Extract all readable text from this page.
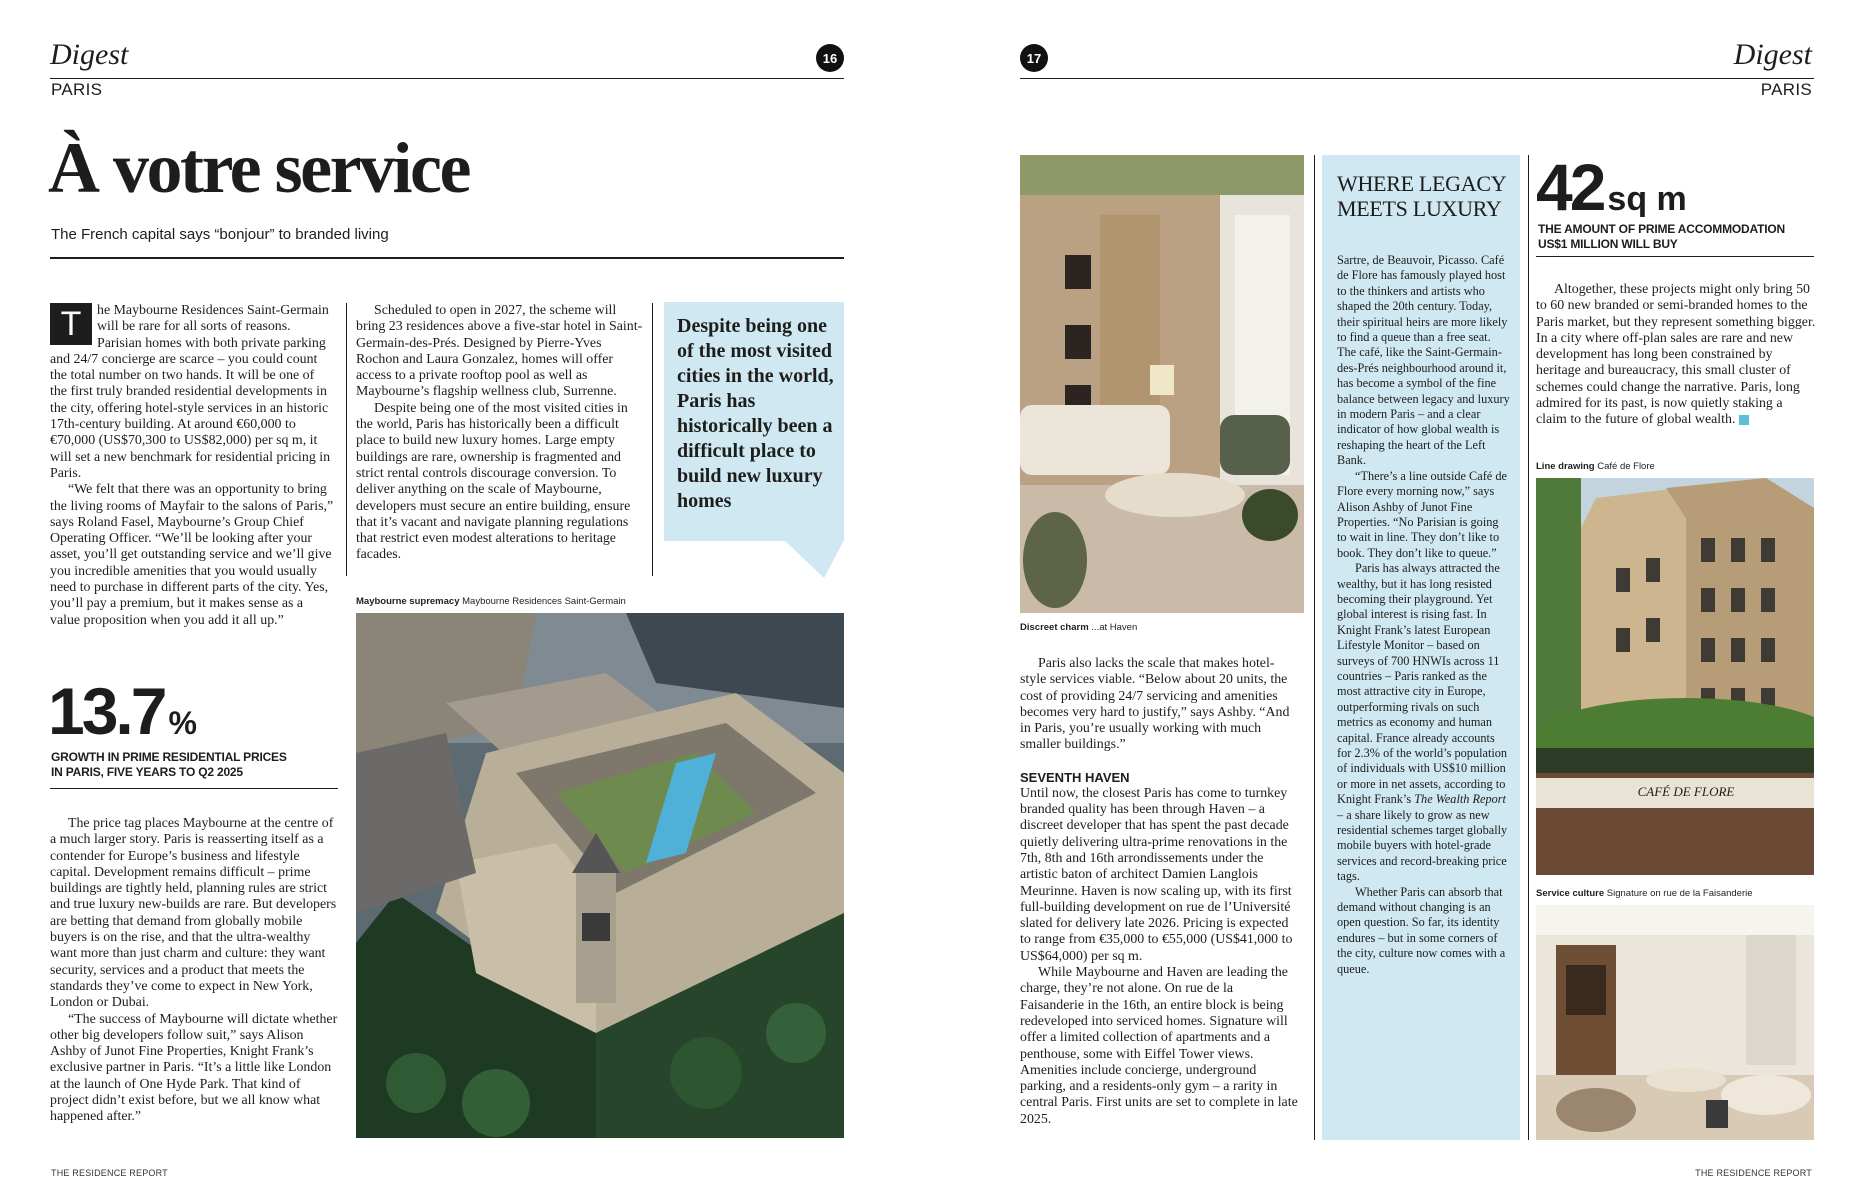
Digest
PARIS
16
À votre service
The French capital says “bonjour” to branded living
T	he Maybourne Residences Saint-Germain will be rare for all sorts of reasons. Parisian homes with both private parking and 24/7 concierge are scarce – you could count the total number on two hands. It will be one of the first truly branded residential developments in the city, offering hotel-style services in an historic 17th-century building. At around €60,000 to €70,000 (US$70,300 to US$82,000) per sq m, it will set a new benchmark for residential pricing in Paris.

“We felt that there was an opportunity to bring the living rooms of Mayfair to the salons of Paris,” says Roland Fasel, Maybourne’s Group Chief Operating Officer. “We’ll be looking after your asset, you’ll get outstanding service and we’ll give you incredible amenities that you would usually need to purchase in different parts of the city. Yes, you’ll pay a premium, but it makes sense as a value proposition when you add it all up.”

13.7 %
GROWTH IN PRIME RESIDENTIAL PRICES
IN PARIS, FIVE YEARS TO Q2 2025

The price tag places Maybourne at the centre of a much larger story. Paris is reasserting itself as a contender for Europe’s business and lifestyle capital. Development remains difficult – prime buildings are tightly held, planning rules are strict and true luxury new-builds are rare. But developers are betting that demand from globally mobile buyers is on the rise, and that the ultra-wealthy want more than just charm and culture: they want security, services and a product that meets the standards they’ve come to expect in New York, London or Dubai.

“The success of Maybourne will dictate whether other big developers follow suit,” says Alison Ashby of Junot Fine Properties, Knight Frank’s exclusive partner in Paris. “It’s a little like London at the launch of One Hyde Park. That kind of project didn’t exist before, but we all know what happened after.”

Scheduled to open in 2027, the scheme will bring 23 residences above a five-star hotel in Saint-Germain-des-Prés. Designed by Pierre-Yves Rochon and Laura Gonzalez, homes will offer access to a private rooftop pool as well as Maybourne’s flagship wellness club, Surrenne.

Despite being one of the most visited cities in the world, Paris has historically been a difficult place to build new luxury homes. Large empty buildings are rare, ownership is fragmented and strict rental controls discourage conversion. To deliver anything on the scale of Maybourne, developers must secure an entire building, ensure that it’s vacant and navigate planning regulations that restrict even modest alterations to heritage facades.

Despite being one of the most visited cities in the world, Paris has historically been a difficult place to build new luxury homes
Maybourne supremacy Maybourne Residences Saint-Germain
THE RESIDENCE REPORT
17	Digest
PARIS
Discreet charm ...at Haven

Paris also lacks the scale that makes hotel-style services viable. “Below about 20 units, the cost of providing 24/7 servicing and amenities becomes very hard to justify,” says Ashby. “And in Paris, you’re usually working with much smaller buildings.”

SEVENTH HAVEN

Until now, the closest Paris has come to turnkey branded quality has been through Haven – a discreet developer that has spent the past decade quietly delivering ultra-prime renovations in the 7th, 8th and 16th arrondissements under the artistic baton of architect Damien Langlois Meurinne. Haven is now scaling up, with its first full-building development on rue de l’Université slated for delivery late 2026. Pricing is expected to range from €35,000 to €55,000 (US$41,000 to US$64,000) per sq m.

While Maybourne and Haven are leading the charge, they’re not alone. On rue de la Faisanderie in the 16th, an entire block is being redeveloped into serviced homes. Signature will offer a limited collection of apartments and a penthouse, some with Eiffel Tower views. Amenities include concierge, underground parking, and a residents-only gym – a rarity in central Paris. First units are set to complete in late 2025.

WHERE LEGACY
MEETS LUXURY

Sartre, de Beauvoir, Picasso. Café de Flore has famously played host to the thinkers and artists who shaped the 20th century. Today, their spiritual heirs are more likely to find a queue than a free seat. The café, like the Saint-Germain-des-Prés neighbourhood around it, has become a symbol of the fine balance between legacy and luxury in modern Paris – and a clear indicator of how global wealth is reshaping the heart of the Left Bank.

“There’s a line outside Café de Flore every morning now,” says Alison Ashby of Junot Fine Properties. “No Parisian is going to wait in line. They don’t like to book. They don’t like to queue.”

Paris has always attracted the wealthy, but it has long resisted becoming their playground. Yet global interest is rising fast. In Knight Frank’s latest European Lifestyle Monitor – based on surveys of 700 HNWIs across 11 countries – Paris ranked as the most attractive city in Europe, outperforming rivals on such metrics as economy and human capital. France already accounts for 2.3% of the world’s population of individuals with US$10 million or more in net assets, according to Knight Frank’s The Wealth Report – a share likely to grow as new residential schemes target globally mobile buyers with hotel-grade services and record-breaking price tags.

Whether Paris can absorb that demand without changing is an open question. So far, its identity endures – but in some corners of the city, culture now comes with a queue.

42 sq m
THE AMOUNT OF PRIME ACCOMMODATION
US$1 MILLION WILL BUY

Altogether, these projects might only bring 50 to 60 new branded or semi-branded homes to the Paris market, but they represent something bigger. In a city where off-plan sales are rare and new development has long been constrained by heritage and bureaucracy, this small cluster of schemes could change the narrative. Paris, long admired for its past, is now quietly staking a claim to the future of global wealth.

Line drawing Café de Flore
CAFÉ DE FLORE
Service culture Signature on rue de la Faisanderie
THE RESIDENCE REPORT
